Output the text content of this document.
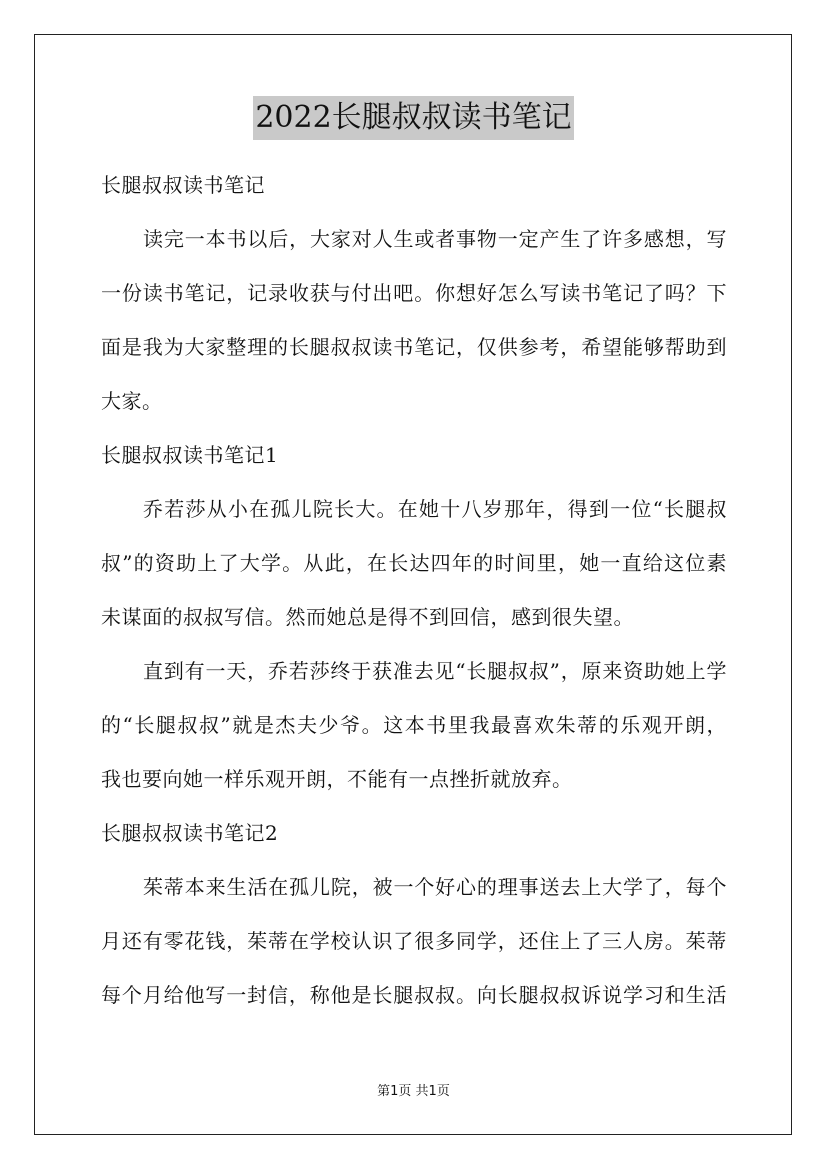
2022长腿叔叔读书笔记
长腿叔叔读书笔记
读完一本书以后，大家对人生或者事物一定产生了许多感想，写
一份读书笔记，记录收获与付出吧。你想好怎么写读书笔记了吗？下
面是我为大家整理的长腿叔叔读书笔记，仅供参考，希望能够帮助到
大家。
长腿叔叔读书笔记1
乔若莎从小在孤儿院长大。在她十八岁那年，得到一位“长腿叔
叔”的资助上了大学。从此，在长达四年的时间里，她一直给这位素
未谋面的叔叔写信。然而她总是得不到回信，感到很失望。
直到有一天，乔若莎终于获准去见“长腿叔叔”，原来资助她上学
的“长腿叔叔”就是杰夫少爷。这本书里我最喜欢朱蒂的乐观开朗，
我也要向她一样乐观开朗，不能有一点挫折就放弃。
长腿叔叔读书笔记2
茱蒂本来生活在孤儿院，被一个好心的理事送去上大学了，每个
月还有零花钱，茱蒂在学校认识了很多同学，还住上了三人房。茱蒂
每个月给他写一封信，称他是长腿叔叔。向长腿叔叔诉说学习和生活
第1页 共1页
